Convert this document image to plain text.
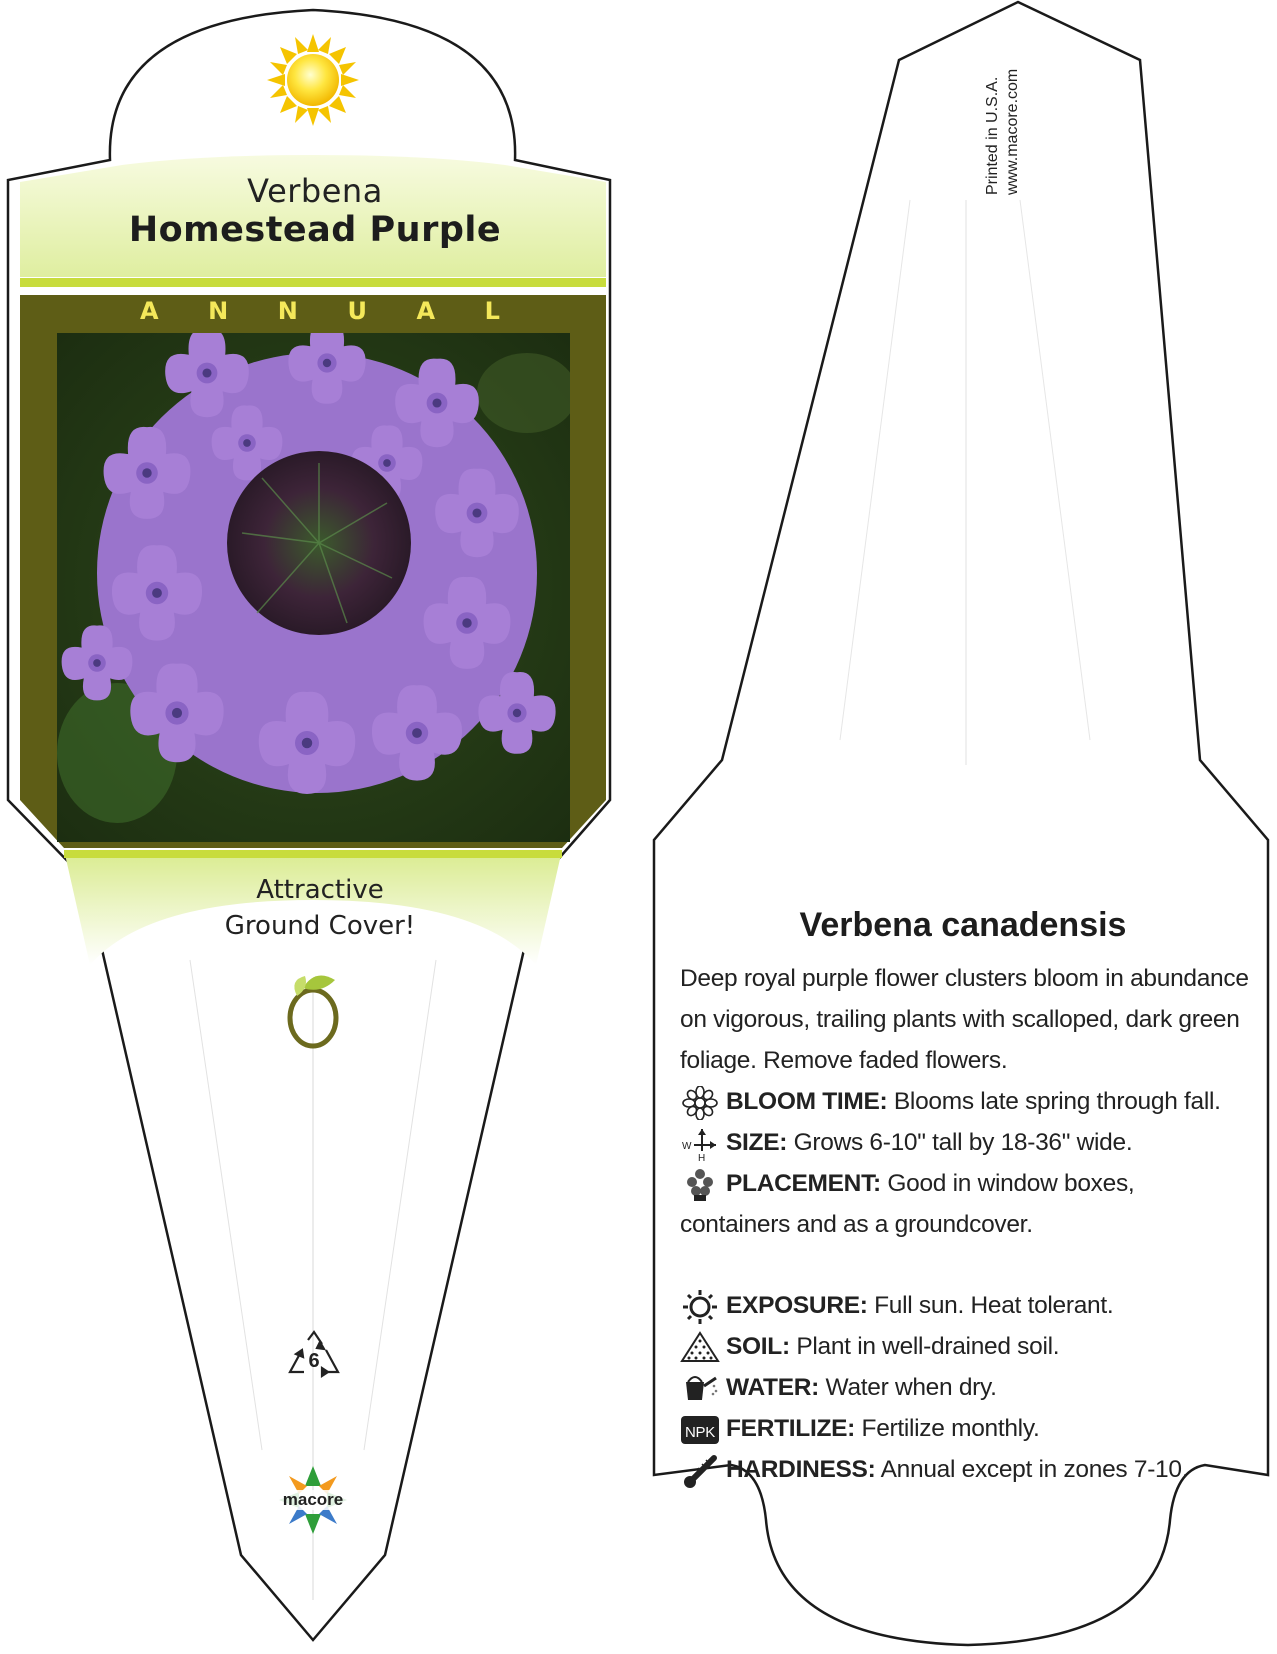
Verbena
Homestead Purple
A N N U A L
Attractive
Ground Cover!
6
macore
Printed in U.S.A. www.macore.com
Verbena canadensis
Deep royal purple flower clusters bloom in abundance on vigorous, trailing plants with scalloped, dark green foliage. Remove faded flowers.
BLOOM TIME: Blooms late spring through fall.
W
H
SIZE: Grows 6-10" tall by 18-36" wide.
PLACEMENT: Good in window boxes, containers and as a groundcover.
EXPOSURE: Full sun. Heat tolerant.
SOIL: Plant in well-drained soil.
WATER: Water when dry.
NPK FERTILIZE: Fertilize monthly.
HARDINESS: Annual except in zones 7-10.
